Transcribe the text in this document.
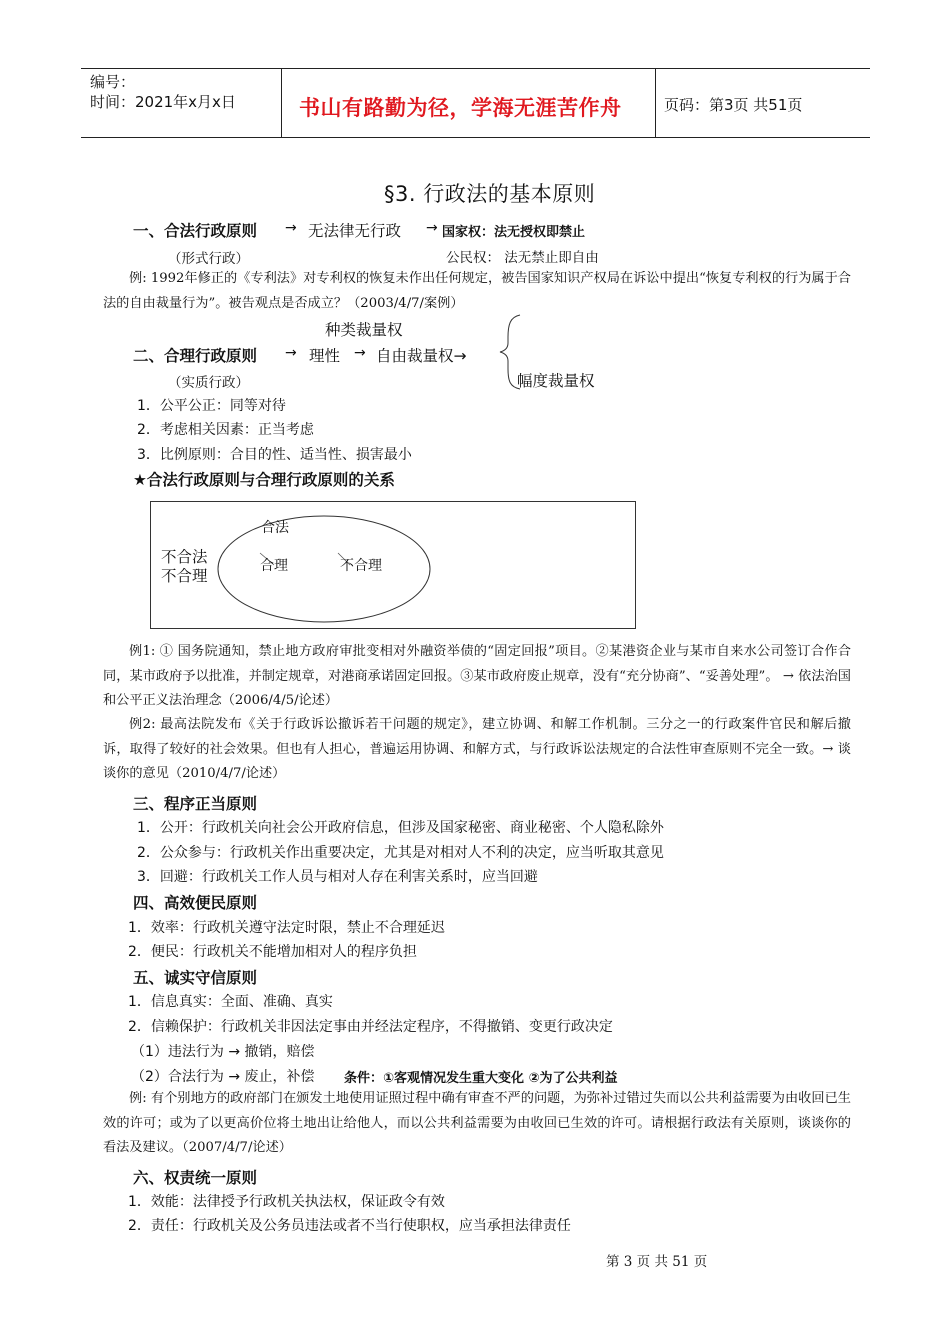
编号：
时间：2021年x月x日	书山有路勤为径，学海无涯苦作舟	页码：第3页 共51页
§3. 行政法的基本原则
一、合法行政原则 → 无法律无行政 → 国家权：法无授权即禁止
（形式行政）	公民权： 法无禁止即自由
例: 1992年修正的《专利法》对专利权的恢复未作出任何规定，被告国家知识产权局在诉讼中提出“恢复专利权的行为属于合法的自由裁量行为”。被告观点是否成立？（2003/4/7/案例）
种类裁量权
二、合理行政原则 → 理性 → 自由裁量权→
（实质行政）	幅度裁量权
1．公平公正：同等对待
2．考虑相关因素：正当考虑
3．比例原则：合目的性、适当性、损害最小
★合法行政原则与合理行政原则的关系
不合法
不合理
合法
合理	不合理
例1: ① 国务院通知，禁止地方政府审批变相对外融资举债的“固定回报”项目。②某港资企业与某市自来水公司签订合作合同，某市政府予以批准，并制定规章，对港商承诺固定回报。③某市政府废止规章，没有“充分协商”、“妥善处理”。 → 依法治国和公平正义法治理念（2006/4/5/论述）
例2: 最高法院发布《关于行政诉讼撤诉若干问题的规定》，建立协调、和解工作机制。三分之一的行政案件官民和解后撤诉，取得了较好的社会效果。但也有人担心，普遍运用协调、和解方式，与行政诉讼法规定的合法性审查原则不完全一致。→ 谈谈你的意见（2010/4/7/论述）
三、程序正当原则
1．公开：行政机关向社会公开政府信息，但涉及国家秘密、商业秘密、个人隐私除外
2．公众参与：行政机关作出重要决定，尤其是对相对人不利的决定，应当听取其意见
3．回避：行政机关工作人员与相对人存在利害关系时，应当回避
四、高效便民原则
1．效率：行政机关遵守法定时限，禁止不合理延迟
2．便民：行政机关不能增加相对人的程序负担
五、诚实守信原则
1．信息真实：全面、准确、真实
2．信赖保护：行政机关非因法定事由并经法定程序，不得撤销、变更行政决定
（1）违法行为 → 撤销，赔偿
（2）合法行为 → 废止，补偿 条件：①客观情况发生重大变化 ②为了公共利益
例: 有个别地方的政府部门在颁发土地使用证照过程中确有审查不严的问题，为弥补过错过失而以公共利益需要为由收回已生效的许可；或为了以更高价位将土地出让给他人，而以公共利益需要为由收回已生效的许可。请根据行政法有关原则，谈谈你的看法及建议。（2007/4/7/论述）
六、权责统一原则
1．效能：法律授予行政机关执法权，保证政令有效
2．责任：行政机关及公务员违法或者不当行使职权，应当承担法律责任
第 3 页 共 51 页
